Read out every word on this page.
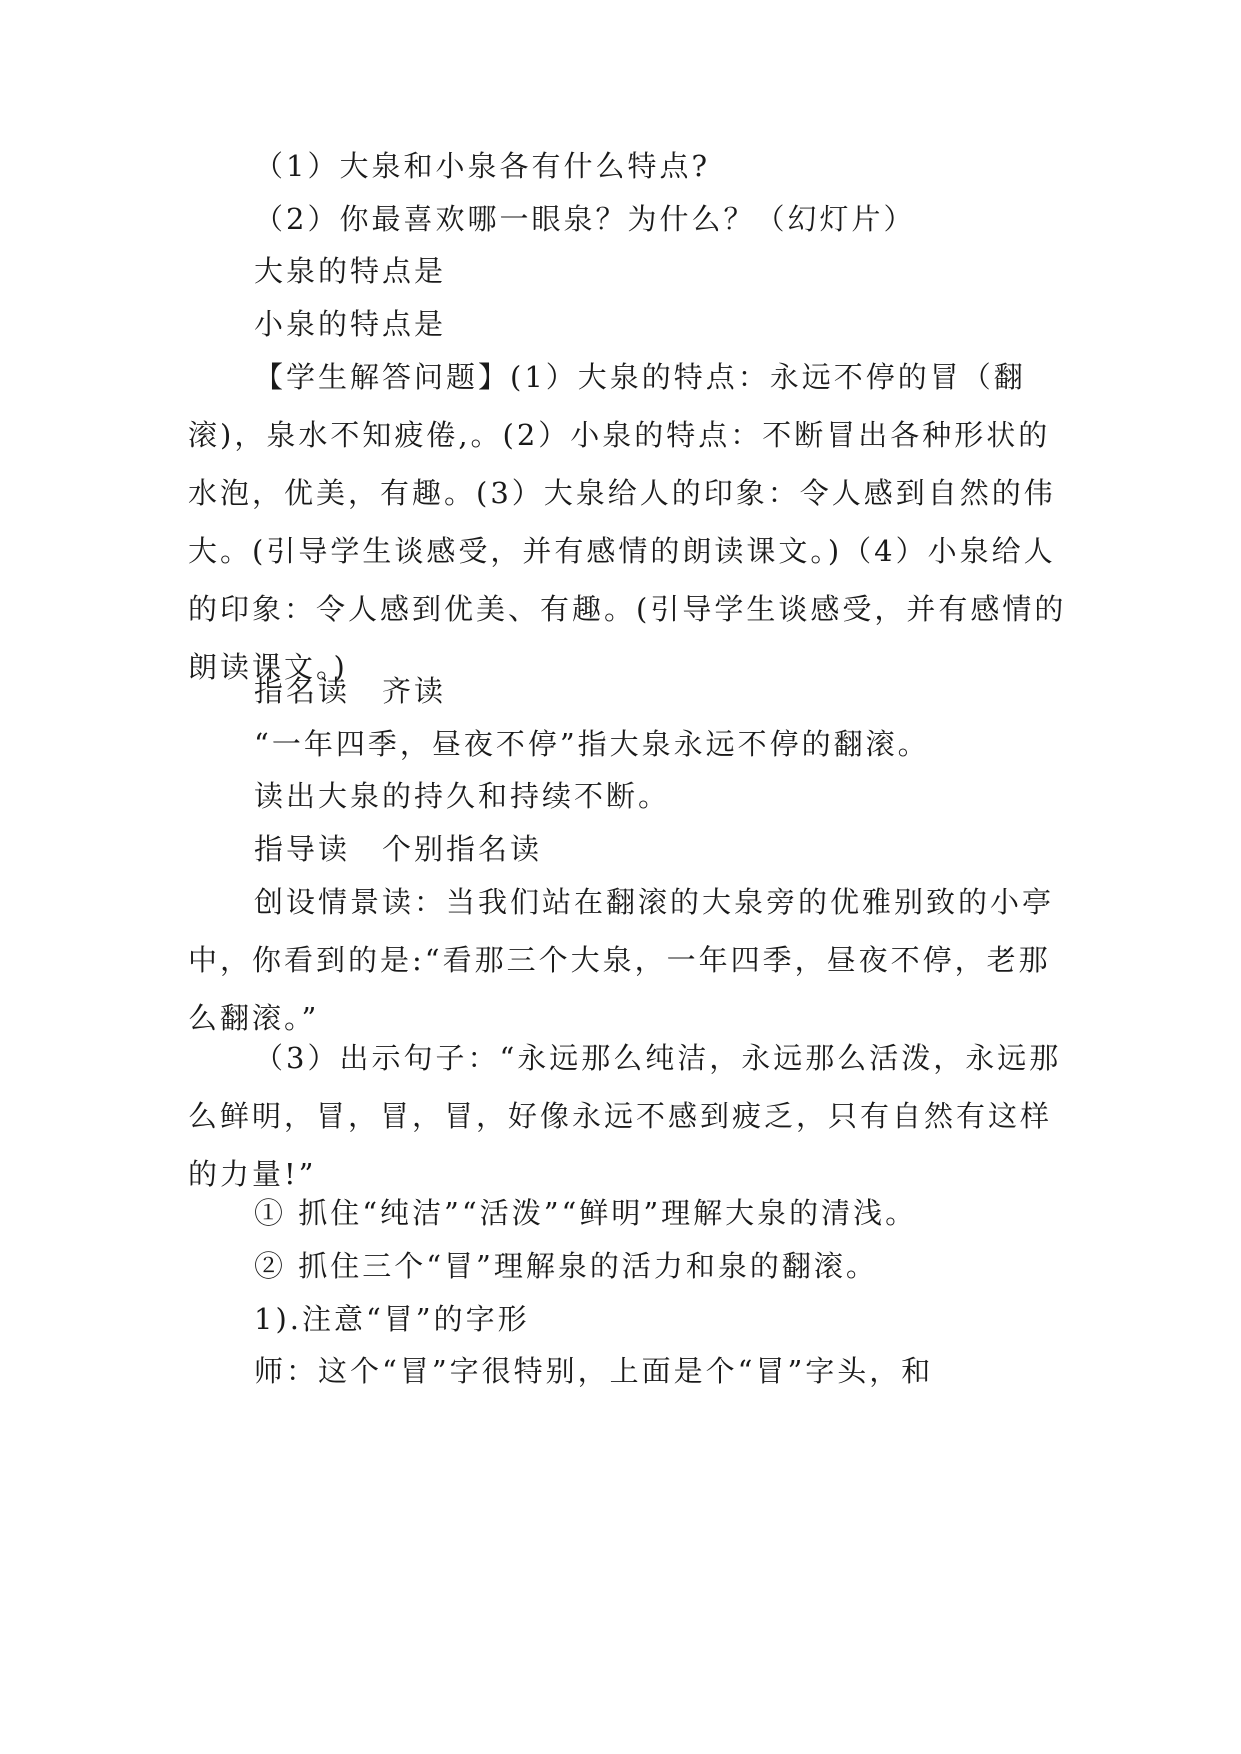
（1）大泉和小泉各有什么特点?

（2）你最喜欢哪一眼泉？为什么？（幻灯片）

大泉的特点是

小泉的特点是

【学生解答问题】(1）大泉的特点：永远不停的冒（翻滚)，泉水不知疲倦,。(2）小泉的特点：不断冒出各种形状的水泡，优美，有趣。(3）大泉给人的印象：令人感到自然的伟大。(引导学生谈感受，并有感情的朗读课文。)（4）小泉给人的印象：令人感到优美、有趣。(引导学生谈感受，并有感情的朗读课文。)

指名读　齐读

“一年四季，昼夜不停”指大泉永远不停的翻滚。

读出大泉的持久和持续不断。

指导读　个别指名读

创设情景读：当我们站在翻滚的大泉旁的优雅别致的小亭中，你看到的是:“看那三个大泉，一年四季，昼夜不停，老那么翻滚。”

（3）出示句子：“永远那么纯洁，永远那么活泼，永远那么鲜明，冒，冒，冒，好像永远不感到疲乏，只有自然有这样的力量!”

① 抓住“纯洁”“活泼”“鲜明”理解大泉的清浅。

② 抓住三个“冒”理解泉的活力和泉的翻滚。

1).注意“冒”的字形

师：这个“冒”字很特别，上面是个“冒”字头，和
